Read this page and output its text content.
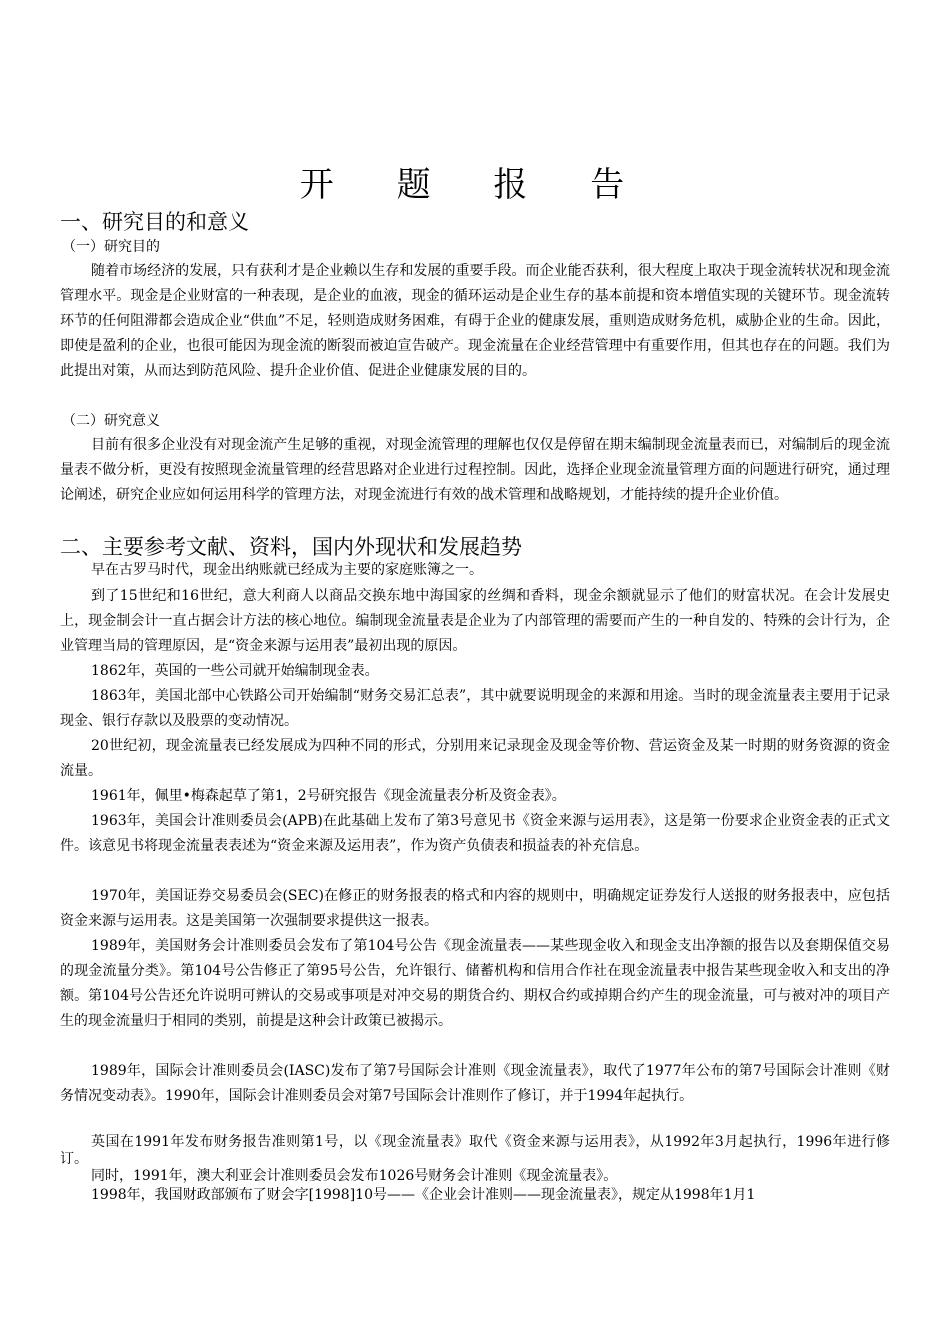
开 题 报 告
一、研究目的和意义
（一）研究目的
随着市场经济的发展，只有获利才是企业赖以生存和发展的重要手段。而企业能否获利，很大程度上取决于现金流转状况和现金流管理水平。现金是企业财富的一种表现，是企业的血液，现金的循环运动是企业生存的基本前提和资本增值实现的关键环节。现金流转环节的任何阻滞都会造成企业“供血”不足，轻则造成财务困难，有碍于企业的健康发展，重则造成财务危机，威胁企业的生命。因此，即使是盈利的企业，也很可能因为现金流的断裂而被迫宣告破产。现金流量在企业经营管理中有重要作用，但其也存在的问题。我们为此提出对策，从而达到防范风险、提升企业价值、促进企业健康发展的目的。
（二）研究意义
目前有很多企业没有对现金流产生足够的重视，对现金流管理的理解也仅仅是停留在期末编制现金流量表而已，对编制后的现金流量表不做分析，更没有按照现金流量管理的经营思路对企业进行过程控制。因此，选择企业现金流量管理方面的问题进行研究，通过理论阐述，研究企业应如何运用科学的管理方法，对现金流进行有效的战术管理和战略规划，才能持续的提升企业价值。
二、主要参考文献、资料，国内外现状和发展趋势
早在古罗马时代，现金出纳账就已经成为主要的家庭账簿之一。
到了15世纪和16世纪，意大利商人以商品交换东地中海国家的丝绸和香料，现金余额就显示了他们的财富状况。在会计发展史上，现金制会计一直占据会计方法的核心地位。编制现金流量表是企业为了内部管理的需要而产生的一种自发的、特殊的会计行为，企业管理当局的管理原因，是“资金来源与运用表”最初出现的原因。
1862年，英国的一些公司就开始编制现金表。
1863年，美国北部中心铁路公司开始编制“财务交易汇总表”，其中就要说明现金的来源和用途。当时的现金流量表主要用于记录现金、银行存款以及股票的变动情况。
20世纪初，现金流量表已经发展成为四种不同的形式，分别用来记录现金及现金等价物、营运资金及某一时期的财务资源的资金流量。
1961年，佩里•梅森起草了第1，2号研究报告《现金流量表分析及资金表》。
1963年，美国会计准则委员会(APB)在此基础上发布了第3号意见书《资金来源与运用表》，这是第一份要求企业资金表的正式文件。该意见书将现金流量表表述为“资金来源及运用表”，作为资产负债表和损益表的补充信息。
1970年，美国证券交易委员会(SEC)在修正的财务报表的格式和内容的规则中，明确规定证券发行人送报的财务报表中，应包括资金来源与运用表。这是美国第一次强制要求提供这一报表。
1989年，美国财务会计准则委员会发布了第104号公告《现金流量表——某些现金收入和现金支出净额的报告以及套期保值交易的现金流量分类》。第104号公告修正了第95号公告，允许银行、储蓄机构和信用合作社在现金流量表中报告某些现金收入和支出的净额。第104号公告还允许说明可辨认的交易或事项是对冲交易的期货合约、期权合约或掉期合约产生的现金流量，可与被对冲的项目产生的现金流量归于相同的类别，前提是这种会计政策已被揭示。
1989年，国际会计准则委员会(IASC)发布了第7号国际会计准则《现金流量表》，取代了1977年公布的第7号国际会计准则《财务情况变动表》。1990年，国际会计准则委员会对第7号国际会计准则作了修订，并于1994年起执行。
英国在1991年发布财务报告准则第1号，以《现金流量表》取代《资金来源与运用表》，从1992年3月起执行，1996年进行修订。
同时，1991年，澳大利亚会计准则委员会发布1026号财务会计准则《现金流量表》。
1998年，我国财政部颁布了财会字[1998]10号——《企业会计准则——现金流量表》，规定从1998年1月1
